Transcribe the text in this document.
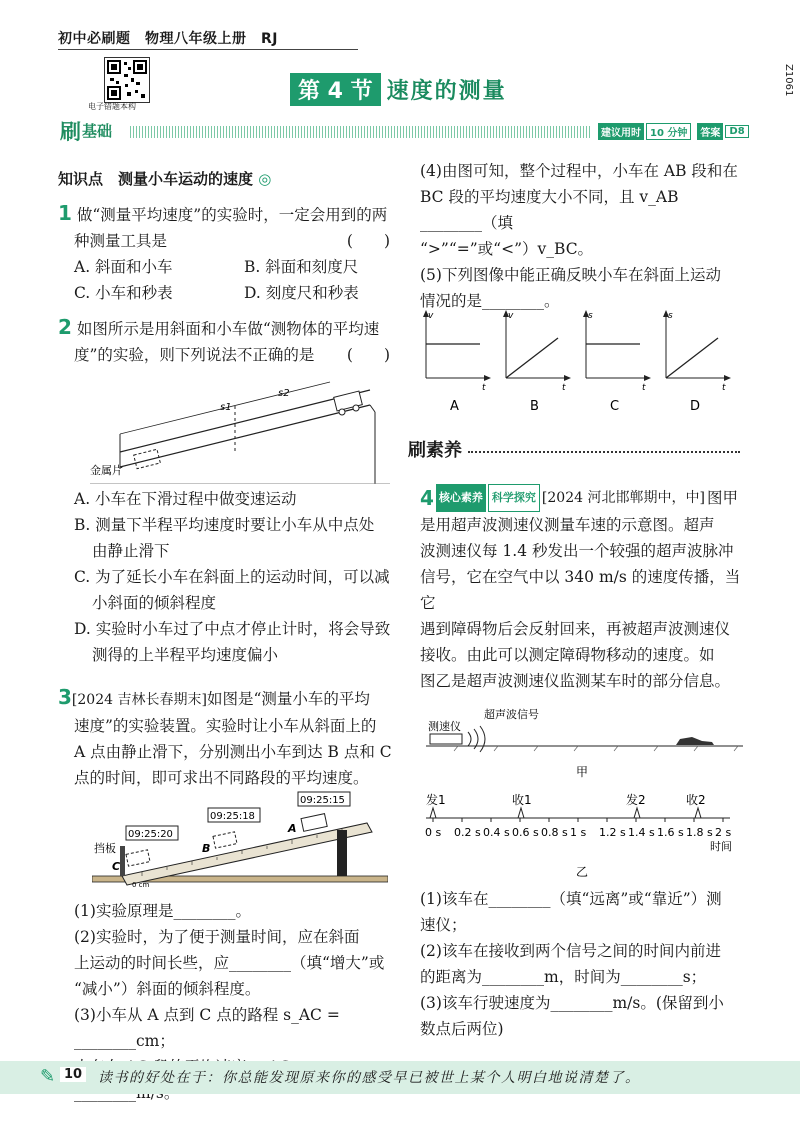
初中必刷题　物理八年级上册　RJ
电子错题本构
Z1061
第 4 节 速度的测量
刷 基础	建议用时 10 分钟	答案 D8
知识点　测量小车运动的速度 ◎
1 做“测量平均速度”的实验时，一定会用到的两
种测量工具是	(　　)
A. 斜面和小车	B. 斜面和刻度尺
C. 小车和秒表	D. 刻度尺和秒表
2 如图所示是用斜面和小车做“测物体的平均速
度”的实验，则下列说法不正确的是 (　　)
s1
s2
金属片
A. 小车在下滑过程中做变速运动
B. 测量下半程平均速度时要让小车从中点处
由静止滑下
C. 为了延长小车在斜面上的运动时间，可以减
小斜面的倾斜程度
D. 实验时小车过了中点才停止计时，将会导致
测得的上半程平均速度偏小
3[2024 吉林长春期末]如图是“测量小车的平均
速度”的实验装置。实验时让小车从斜面上的
A 点由静止滑下，分别测出小车到达 B 点和 C
点的时间，即可求出不同路段的平均速度。
0 cm
09:25:20
09:25:18
09:25:15
挡板
C
B
A
(1)实验原理是________。
(2)实验时，为了便于测量时间，应在斜面
上运动的时间长些，应________（填“增大”或
“减小”）斜面的倾斜程度。
(3)小车从 A 点到 C 点的路程 s_AC = ________cm；
(4)由图可知，整个过程中，小车在 AB 段和在
BC 段的平均速度大小不同，且 v_AB ________（填
“>”“=”或“<”）v_BC。
(5)下列图像中能正确反映小车在斜面上运动
情况的是________。
v
t
A
v
t
B
s
t
C
s
t
D
刷素养
4 核心素养 科学探究 [2024 河北邯郸期中，中] 图甲
是用超声波测速仪测量车速的示意图。超声
波测速仪每 1.4 秒发出一个较强的超声波脉冲
信号，它在空气中以 340 m/s 的速度传播，当它
遇到障碍物后会反射回来，再被超声波测速仪
接收。由此可以测定障碍物移动的速度。如
图乙是超声波测速仪监测某车时的部分信息。
测速仪
超声波信号
甲
发1	收1	发2	收2
0 s 0.2 s 0.4 s 0.6 s 0.8 s 1 s 1.2 s 1.4 s 1.6 s 1.8 s 2 s
时间
乙
(1)该车在________（填“远离”或“靠近”）测
速仪；
(2)该车在接收到两个信号之间的时间内前进
的距离为________m，时间为________s；
(3)该车行驶速度为________m/s。(保留到小
数点后两位)
✎ 10 读书的好处在于：你总能发现原来你的感受早已被世上某个人明白地说清楚了。
